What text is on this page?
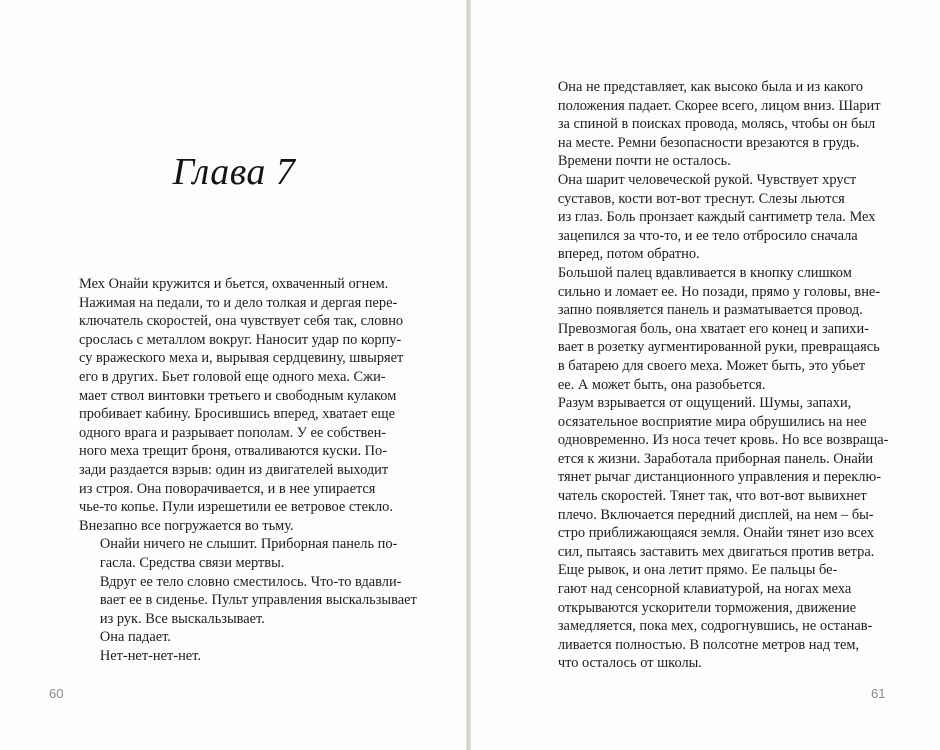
Глава 7

Мех Онайи кружится и бьется, охваченный огнем.
Нажимая на педали, то и дело толкая и дергая пере-
ключатель скоростей, она чувствует себя так, словно
срослась с металлом вокруг. Наносит удар по корпу-
су вражеского меха и, вырывая сердцевину, швыряет
его в других. Бьет головой еще одного меха. Сжи-
мает ствол винтовки третьего и свободным кулаком
пробивает кабину. Бросившись вперед, хватает еще
одного врага и разрывает пополам. У ее собствен-
ного меха трещит броня, отваливаются куски. По-
зади раздается взрыв: один из двигателей выходит
из строя. Она поворачивается, и в нее упирается
чье-то копье. Пули изрешетили ее ветровое стекло.
Внезапно все погружается во тьму.

Онайи ничего не слышит. Приборная панель по-
гасла. Средства связи мертвы.

Вдруг ее тело словно сместилось. Что-то вдавли-
вает ее в сиденье. Пульт управления выскальзывает
из рук. Все выскальзывает.

Она падает.

Нет-нет-нет-нет.

60

Она не представляет, как высоко была и из какого
положения падает. Скорее всего, лицом вниз. Шарит
за спиной в поисках провода, молясь, чтобы он был
на месте. Ремни безопасности врезаются в грудь.
Времени почти не осталось.

Она шарит человеческой рукой. Чувствует хруст
суставов, кости вот-вот треснут. Слезы льются
из глаз. Боль пронзает каждый сантиметр тела. Мех
зацепился за что-то, и ее тело отбросило сначала
вперед, потом обратно.

Большой палец вдавливается в кнопку слишком
сильно и ломает ее. Но позади, прямо у головы, вне-
запно появляется панель и разматывается провод.
Превозмогая боль, она хватает его конец и запихи-
вает в розетку аугментированной руки, превращаясь
в батарею для своего меха. Может быть, это убьет
ее. А может быть, она разобьется.

Разум взрывается от ощущений. Шумы, запахи,
осязательное восприятие мира обрушились на нее
одновременно. Из носа течет кровь. Но все возвраща-
ется к жизни. Заработала приборная панель. Онайи
тянет рычаг дистанционного управления и переклю-
чатель скоростей. Тянет так, что вот-вот вывихнет
плечо. Включается передний дисплей, на нем – бы-
стро приближающаяся земля. Онайи тянет изо всех
сил, пытаясь заставить мех двигаться против ветра.

Еще рывок, и она летит прямо. Ее пальцы бе-
гают над сенсорной клавиатурой, на ногах меха
открываются ускорители торможения, движение
замедляется, пока мех, содрогнувшись, не останав-
ливается полностью. В полсотне метров над тем,
что осталось от школы.

61
